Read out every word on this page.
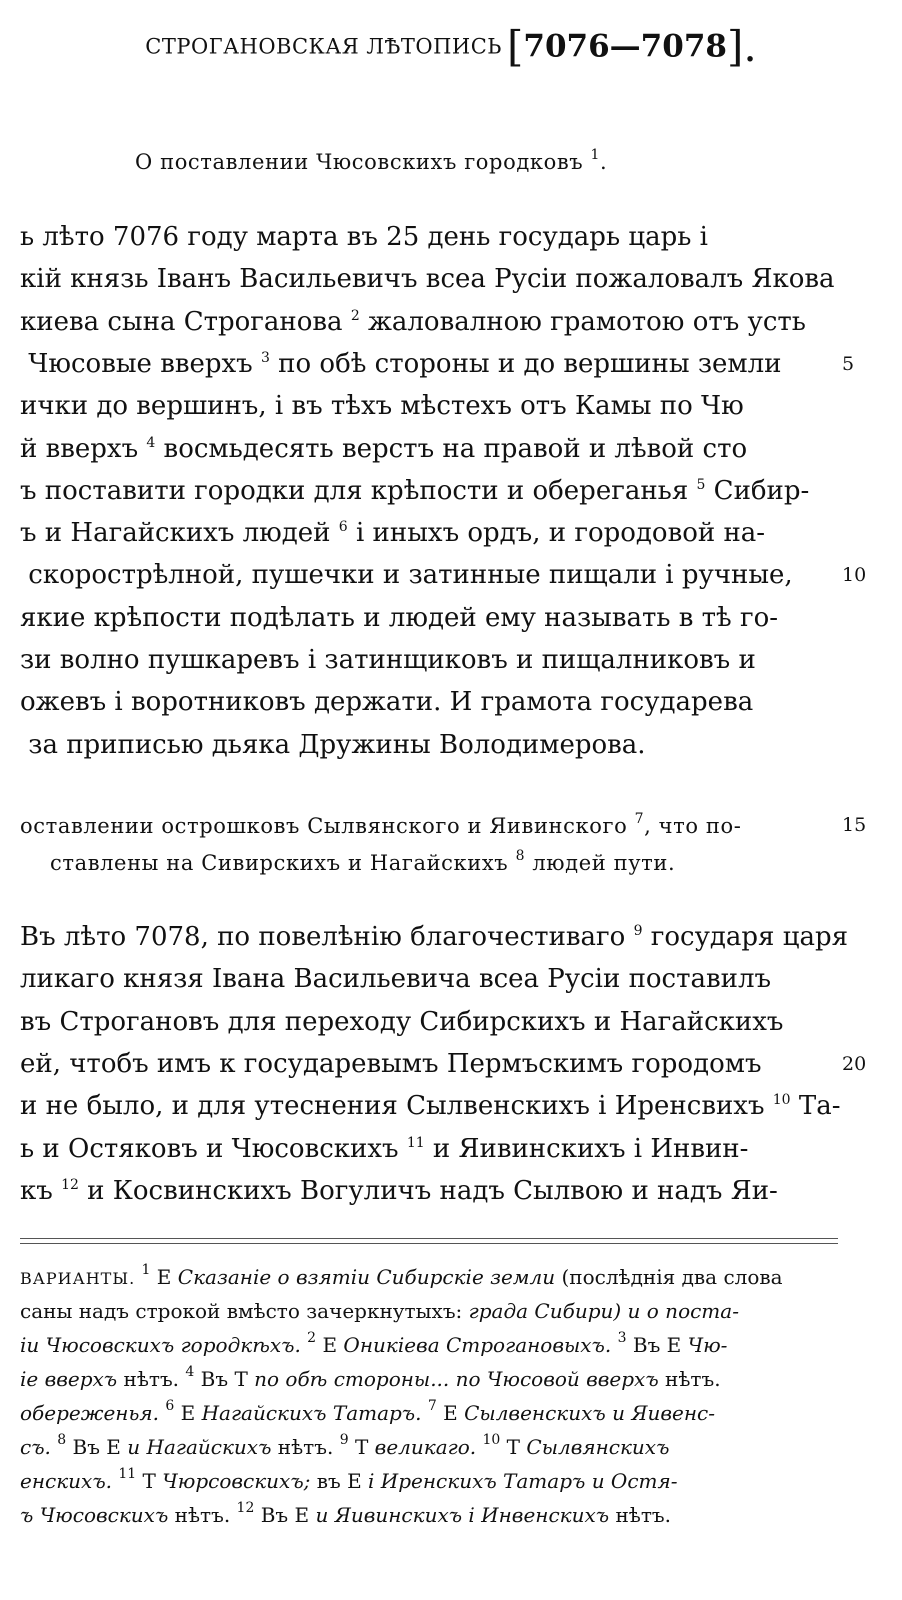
СТРОГАНОВСКАЯ ЛѢТОПИСЬ [7076—7078].
О поставлении Чюсовскихъ городковъ $^1$.
ь лѣто 7076 году марта въ 25 день государь царь і
кій князь Іванъ Васильевичъ всеа Русіи пожаловалъ Якова
киева сына Строганова $^2$ жаловалною грамотою отъ усть
Чюсовые вверхъ $^3$ по обѣ стороны и до вершины земли	5
ички до вершинъ, і въ тѣхъ мѣстехъ отъ Камы по Чю
й вверхъ $^4$ восмьдесять верстъ на правой и лѣвой сто
ъ поставити городки для крѣпости и обереганья $^5$ Сибир-
ъ и Нагайскихъ людей $^6$ і иныхъ ордъ, и городовой на-
скорострѣлной, пушечки и затинные пищали і ручные,	10
якие крѣпости подѣлать и людей ему называть в тѣ го-
зи волно пушкаревъ і затинщиковъ и пищалниковъ и
ожевъ і воротниковъ держати. И грамота государева
за приписью дьяка Дружины Володимерова.
оставлении острошковъ Сылвянского и Яивинского $^7$, что по-	15
ставлены на Сивирскихъ и Нагайскихъ $^8$ людей пути.
Въ лѣто 7078, по повелѣнію благочестиваго $^9$ государя царя
ликаго князя Івана Васильевича всеа Русіи поставилъ
въ Строгановъ для переходу Сибирскихъ и Нагайскихъ
ей, чтобъ имъ к государевымъ Пермъскимъ городомъ	20
и не было, и для утеснения Сылвенскихъ і Иренсвихъ $^{10}$ Та-
ь и Остяковъ и Чюсовскихъ $^{11}$ и Яивинскихъ і Инвин-
къ $^{12}$ и Косвинскихъ Вогуличъ надъ Сылвою и надъ Яи-
ВАРИАНТЫ. $^1$ Е Сказаніе о взятіи Сибирскіе земли (послѣднія два слова
саны надъ строкой вмѣсто зачеркнутыхъ: града Сибири) и о поста-
іи Чюсовскихъ городкѣхъ. $^2$ Е Оникіева Строгановыхъ. $^3$ Въ Е Чю-
іе вверхъ нѣтъ. $^4$ Въ Т по обѣ стороны... по Чюсовой вверхъ нѣтъ.
обереженья. $^6$ Е Нагайскихъ Татаръ. $^7$ Е Сылвенскихъ и Яивенс-
съ. $^8$ Въ Е и Нагайскихъ нѣтъ. $^9$ Т великаго. $^{10}$ Т Сылвянскихъ
енскихъ. $^{11}$ Т Чюрсовскихъ; въ Е і Иренскихъ Татаръ и Остя-
ъ Чюсовскихъ нѣтъ. $^{12}$ Въ Е и Яивинскихъ і Инвенскихъ нѣтъ.
